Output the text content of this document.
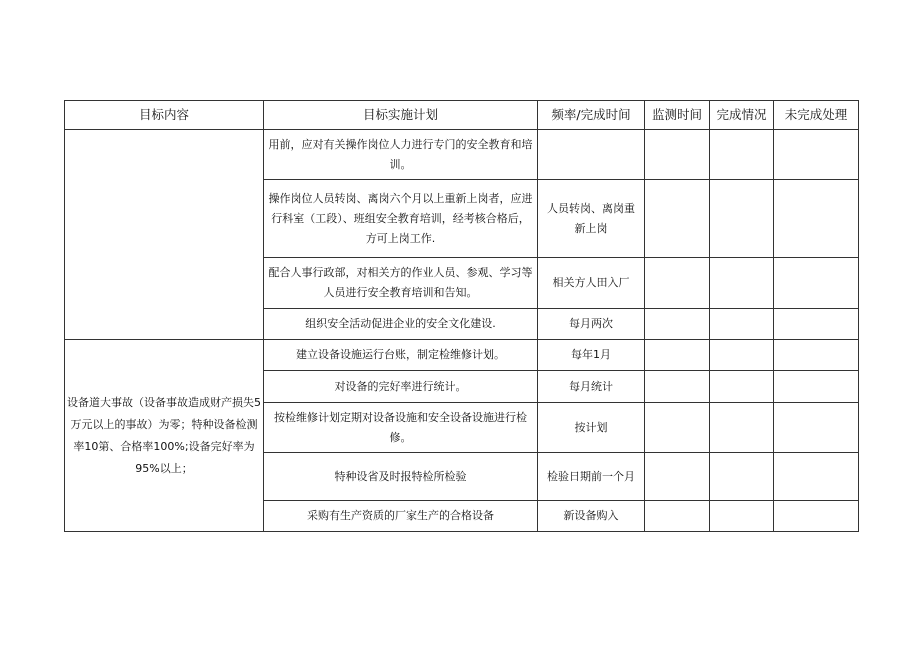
目标内容	目标实施计划	频率/完成时间	监测时间	完成情况	未完成处理
	用前，应对有关操作岗位人力进行专门的安全教育和培训。				
	操作岗位人员转岗、离岗六个月以上重新上岗者，应进行科室（工段）、班组安全教育培训，经考核合格后，方可上岗工作.	人员转岗、离岗重新上岗			
	配合人事行政部，对相关方的作业人员、参观、学习等人员进行安全教育培训和告知。	相关方人田入厂			
	组织安全活动促进企业的安全文化建设.	每月两次			
设备道大事故（设备事故造成财产损失5万元以上的事故）为零；特种设备检测率10第、合格率100%;设备完好率为95%以上；	建立设备设施运行台账，制定检维修计划。	每年1月			
	对设备的完好率进行统计。	每月统计			
	按检维修计划定期对设备设施和安全设备设施进行检修。	按计划			
	特种设省及时报特检所检验	检验日期前一个月			
	采购有生产资质的厂家生产的合格设备	新设备购入			
